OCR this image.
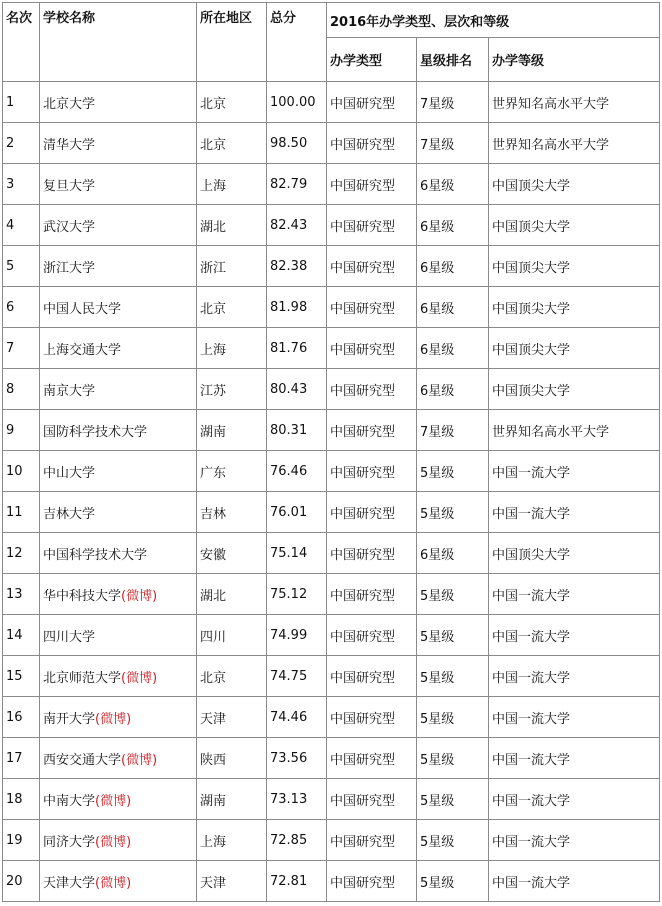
名次	学校名称	所在地区	总分	2016年办学类型、层次和等级		
				办学类型	星级排名	办学等级
1	北京大学	北京	100.00	中国研究型	7星级	世界知名高水平大学
2	清华大学	北京	98.50	中国研究型	7星级	世界知名高水平大学
3	复旦大学	上海	82.79	中国研究型	6星级	中国顶尖大学
4	武汉大学	湖北	82.43	中国研究型	6星级	中国顶尖大学
5	浙江大学	浙江	82.38	中国研究型	6星级	中国顶尖大学
6	中国人民大学	北京	81.98	中国研究型	6星级	中国顶尖大学
7	上海交通大学	上海	81.76	中国研究型	6星级	中国顶尖大学
8	南京大学	江苏	80.43	中国研究型	6星级	中国顶尖大学
9	国防科学技术大学	湖南	80.31	中国研究型	7星级	世界知名高水平大学
10	中山大学	广东	76.46	中国研究型	5星级	中国一流大学
11	吉林大学	吉林	76.01	中国研究型	5星级	中国一流大学
12	中国科学技术大学	安徽	75.14	中国研究型	6星级	中国顶尖大学
13	华中科技大学(微博)	湖北	75.12	中国研究型	5星级	中国一流大学
14	四川大学	四川	74.99	中国研究型	5星级	中国一流大学
15	北京师范大学(微博)	北京	74.75	中国研究型	5星级	中国一流大学
16	南开大学(微博)	天津	74.46	中国研究型	5星级	中国一流大学
17	西安交通大学(微博)	陕西	73.56	中国研究型	5星级	中国一流大学
18	中南大学(微博)	湖南	73.13	中国研究型	5星级	中国一流大学
19	同济大学(微博)	上海	72.85	中国研究型	5星级	中国一流大学
20	天津大学(微博)	天津	72.81	中国研究型	5星级	中国一流大学
